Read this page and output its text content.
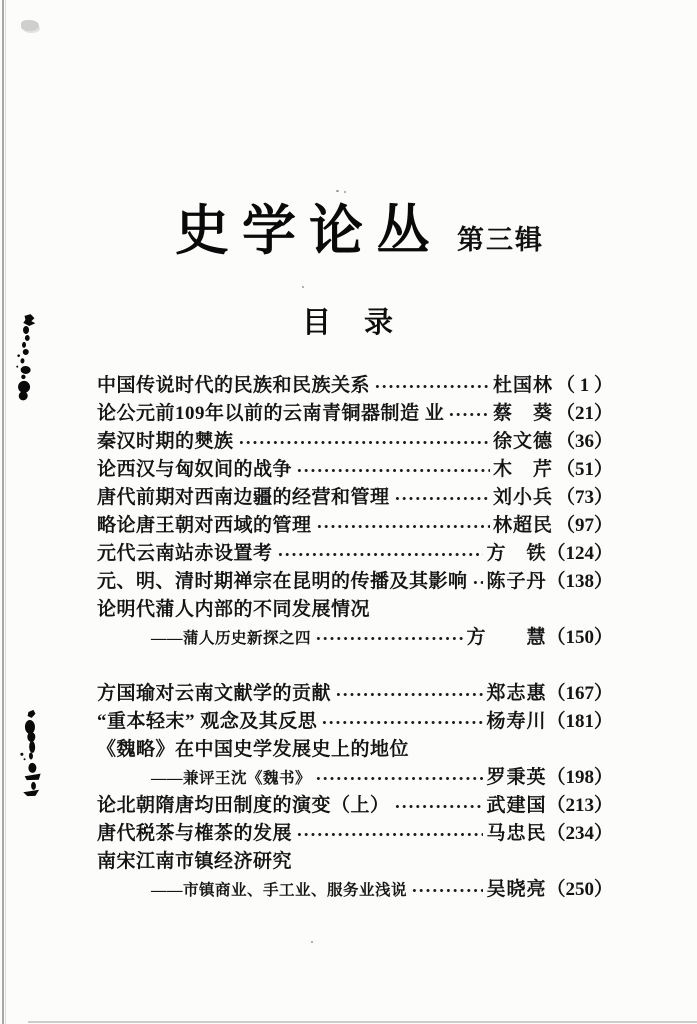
史学论丛 第三辑
目　录
中国传说时代的民族和民族关系	杜国林 （ 1 ）
论公元前109年以前的云南青铜器制造 业	蔡　葵 （21）
秦汉时期的僰族	徐文德 （36）
论西汉与匈奴间的战争	木　芹 （51）
唐代前期对西南边疆的经营和管理	刘小兵 （73）
略论唐王朝对西域的管理	林超民 （97）
元代云南站赤设置考	方　铁 （124）
元、明、清时期禅宗在昆明的传播及其影响 陈子丹 （138）
论明代蒲人内部的不同发展情况
——蒲人历史新探之四	方　　慧 （150）
方国瑜对云南文献学的贡献	郑志惠 （167）
“重本轻末” 观念及其反思	杨寿川 （181）
《魏略》在中国史学发展史上的地位
——兼评王沈《魏书》	罗秉英 （198）
论北朝隋唐均田制度的演变（上）	武建国 （213）
唐代税茶与榷茶的发展	马忠民 （234）
南宋江南市镇经济研究
——市镇商业、手工业、服务业浅说	吴晓亮 （250）
